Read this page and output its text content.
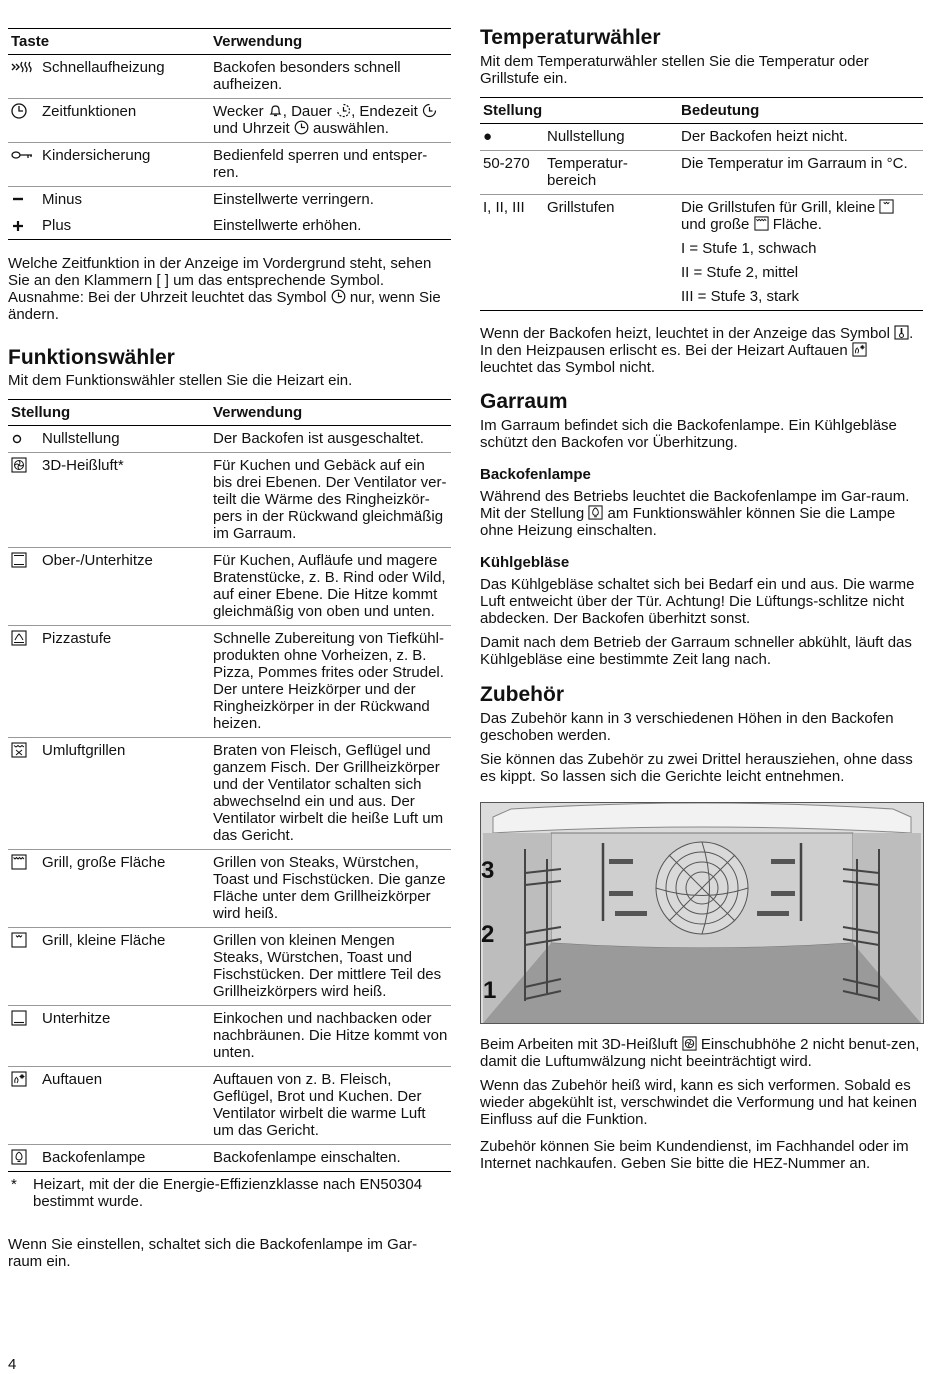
Taste		Verwendung
	Schnellaufheizung	Backofen besonders schnell aufheizen.
	Zeitfunktionen	Wecker , Dauer , Endezeit  und Uhrzeit  auswählen.
	Kindersicherung	Bedienfeld sperren und entsper-ren.
	Minus	Einstellwerte verringern.
	Plus	Einstellwerte erhöhen.

Welche Zeitfunktion in der Anzeige im Vordergrund steht, sehen Sie an den Klammern [ ] um das entsprechende Symbol. Ausnahme: Bei der Uhrzeit leuchtet das Symbol  nur, wenn Sie ändern.

Funktionswähler

Mit dem Funktionswähler stellen Sie die Heizart ein.

Stellung		Verwendung
	Nullstellung	Der Backofen ist ausgeschaltet.
	3D-Heißluft*	Für Kuchen und Gebäck auf ein bis drei Ebenen. Der Ventilator ver-teilt die Wärme des Ringheizkör-pers in der Rückwand gleichmäßig im Garraum.
	Ober-/Unterhitze	Für Kuchen, Aufläufe und magere Bratenstücke, z. B. Rind oder Wild, auf einer Ebene. Die Hitze kommt gleichmäßig von oben und unten.
	Pizzastufe	Schnelle Zubereitung von Tiefkühl-produkten ohne Vorheizen, z. B. Pizza, Pommes frites oder Strudel. Der untere Heizkörper und der Ringheizkörper in der Rückwand heizen.
	Umluftgrillen	Braten von Fleisch, Geflügel und ganzem Fisch. Der Grillheizkörper und der Ventilator schalten sich abwechselnd ein und aus. Der Ventilator wirbelt die heiße Luft um das Gericht.
	Grill, große Fläche	Grillen von Steaks, Würstchen, Toast und Fischstücken. Die ganze Fläche unter dem Grillheizkörper wird heiß.
	Grill, kleine Fläche	Grillen von kleinen Mengen Steaks, Würstchen, Toast und Fischstücken. Der mittlere Teil des Grillheizkörpers wird heiß.
	Unterhitze	Einkochen und nachbacken oder nachbräunen. Die Hitze kommt von unten.
	Auftauen	Auftauen von z. B. Fleisch, Geflügel, Brot und Kuchen. Der Ventilator wirbelt die warme Luft um das Gericht.
	Backofenlampe	Backofenlampe einschalten.
*	Heizart, mit der die Energie-Effizienzklasse nach EN50304 bestimmt wurde.

Wenn Sie einstellen, schaltet sich die Backofenlampe im Gar-raum ein.

Temperaturwähler

Mit dem Temperaturwähler stellen Sie die Temperatur oder Grillstufe ein.

Stellung		Bedeutung
●	Nullstellung	Der Backofen heizt nicht.
50-270	Temperatur-bereich	Die Temperatur im Garraum in °C.
I, II, III	Grillstufen	Die Grillstufen für Grill, kleine  und große  Fläche.
I = Stufe 1, schwach
II = Stufe 2, mittel
III = Stufe 3, stark

Wenn der Backofen heizt, leuchtet in der Anzeige das Symbol . In den Heizpausen erlischt es. Bei der Heizart Auftauen  leuchtet das Symbol nicht.

Garraum

Im Garraum befindet sich die Backofenlampe. Ein Kühlgebläse schützt den Backofen vor Überhitzung.

Backofenlampe

Während des Betriebs leuchtet die Backofenlampe im Gar-raum. Mit der Stellung  am Funktionswähler können Sie die Lampe ohne Heizung einschalten.

Kühlgebläse

Das Kühlgebläse schaltet sich bei Bedarf ein und aus. Die warme Luft entweicht über der Tür. Achtung! Die Lüftungs-schlitze nicht abdecken. Der Backofen überhitzt sonst.

Damit nach dem Betrieb der Garraum schneller abkühlt, läuft das Kühlgebläse eine bestimmte Zeit lang nach.

Zubehör

Das Zubehör kann in 3 verschiedenen Höhen in den Backofen geschoben werden.

Sie können das Zubehör zu zwei Drittel herausziehen, ohne dass es kippt. So lassen sich die Gerichte leicht entnehmen.

3
2
1

Beim Arbeiten mit 3D-Heißluft  Einschubhöhe 2 nicht benut-zen, damit die Luftumwälzung nicht beeinträchtigt wird.

Wenn das Zubehör heiß wird, kann es sich verformen. Sobald es wieder abgekühlt ist, verschwindet die Verformung und hat keinen Einfluss auf die Funktion.

Zubehör können Sie beim Kundendienst, im Fachhandel oder im Internet nachkaufen. Geben Sie bitte die HEZ-Nummer an.

4
